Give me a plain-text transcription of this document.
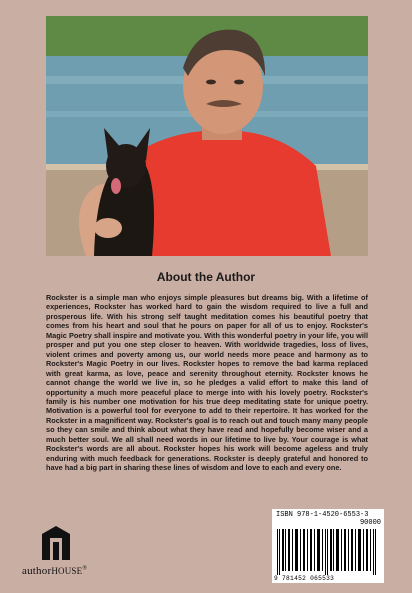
About the Author

Rockster is a simple man who enjoys simple pleasures but dreams big. With a lifetime of experiences, Rockster has worked hard to gain the wisdom required to live a full and prosperous life. With his strong self taught meditation comes his beautiful poetry that comes from his heart and soul that he pours on paper for all of us to enjoy. Rockster's Magic Poetry shall inspire and motivate you. With this wonderful poetry in your life, you will prosper and put you one step closer to heaven. With worldwide tragedies, loss of lives, violent crimes and poverty among us, our world needs more peace and harmony as to Rockster's Magic Poetry in our lives. Rockster hopes to remove the bad karma replaced with great karma, as love, peace and serenity throughout eternity. Rockster knows he cannot change the world we live in, so he pledges a valid effort to make this land of opportunity a much more peaceful place to merge into with his lovely poetry. Rockster's family is his number one motivation for his true deep meditating state for unique poetry. Motivation is a powerful tool for everyone to add to their repertoire. It has worked for the Rockster in a magnificent way. Rockster's goal is to reach out and touch many many people so they can smile and think about what they have read and hopefully become wiser and a much better soul. We all shall need words in our lifetime to live by. Your courage is what Rockster's words are all about. Rockster hopes his work will become ageless and truly enduring with much feedback for generations. Rockster is deeply grateful and honored to have had a big part in sharing these lines of wisdom and love to each and every one.

authorHOUSE®
ISBN 978-1-4520-6553-3
90000
9 781452 065533
